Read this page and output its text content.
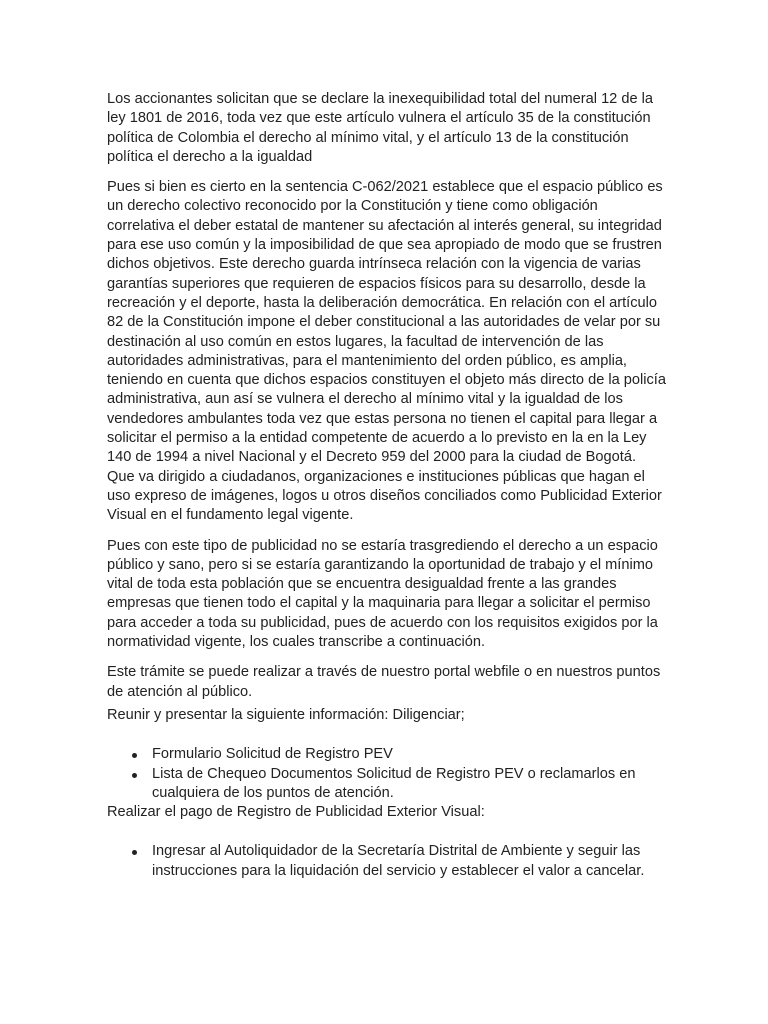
Los accionantes solicitan que se declare la inexequibilidad total del numeral 12 de la ley 1801 de 2016, toda vez que este artículo vulnera el artículo 35 de la constitución política de Colombia el derecho al mínimo vital, y el artículo 13 de la constitución política el derecho a la igualdad

Pues si bien es cierto en la sentencia C-062/2021 establece que el espacio público es un derecho colectivo reconocido por la Constitución y tiene como obligación correlativa el deber estatal de mantener su afectación al interés general, su integridad para ese uso común y la imposibilidad de que sea apropiado de modo que se frustren dichos objetivos. Este derecho guarda intrínseca relación con la vigencia de varias garantías superiores que requieren de espacios físicos para su desarrollo, desde la recreación y el deporte, hasta la deliberación democrática. En relación con el artículo 82 de la Constitución impone el deber constitucional a las autoridades de velar por su destinación al uso común en estos lugares, la facultad de intervención de las autoridades administrativas, para el mantenimiento del orden público, es amplia, teniendo en cuenta que dichos espacios constituyen el objeto más directo de la policía administrativa, aun así se vulnera el derecho al mínimo vital y la igualdad de los vendedores ambulantes toda vez que estas persona no tienen el capital para llegar a solicitar el permiso a la entidad competente de acuerdo a lo previsto en la en la Ley 140 de 1994 a nivel Nacional y el Decreto 959 del 2000 para la ciudad de Bogotá. Que va dirigido a ciudadanos, organizaciones e instituciones públicas que hagan el uso expreso de imágenes, logos u otros diseños conciliados como Publicidad Exterior Visual en el fundamento legal vigente.

Pues con este tipo de publicidad no se estaría trasgrediendo el derecho a un espacio público y sano, pero si se estaría garantizando la oportunidad de trabajo y el mínimo vital de toda esta población que se encuentra desigualdad frente a las grandes empresas que tienen todo el capital y la maquinaria para llegar a solicitar el permiso para acceder a toda su publicidad, pues de acuerdo con los requisitos exigidos por la normatividad vigente, los cuales transcribe a continuación.

Este trámite se puede realizar a través de nuestro portal webfile o en nuestros puntos de atención al público.

Reunir y presentar la siguiente información: Diligenciar;

Formulario Solicitud de Registro PEV
Lista de Chequeo Documentos Solicitud de Registro PEV o reclamarlos en cualquiera de los puntos de atención.

Realizar el pago de Registro de Publicidad Exterior Visual:

Ingresar al Autoliquidador de la Secretaría Distrital de Ambiente y seguir las instrucciones para la liquidación del servicio y establecer el valor a cancelar.
